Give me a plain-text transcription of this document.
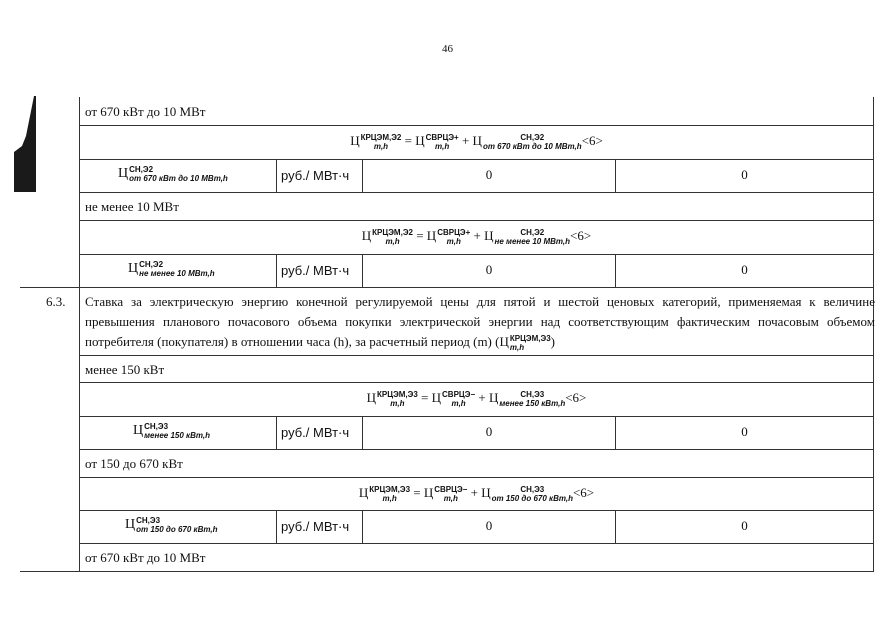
46
от 670 кВт до 10 МВт
Ц КРЦЭМ,Э2
m,h	= Ц СВРЦЭ+
m,h + Ц	СН,Э2
от 670 кВт до 10 МВт,h <6>
Ц СН,Э2
от 670 кВт до 10 МВт,h	руб./ МВт·ч	0	0
не менее 10 МВт
Ц КРЦЭМ,Э2
m,h	= Ц СВРЦЭ+
m,h + Ц	СН,Э2
не менее 10 МВт,h <6>
Ц СН,Э2
не менее 10 МВт,h	руб./ МВт·ч	0	0
6.3. Ставка за электрическую энергию конечной регулируемой цены для пятой и шестой ценовых категорий, применяемая к величине превышения планового почасового объема покупки электрической энергии над соответствующим фактическим почасовым объемом потребителя (покупателя) в отношении часа (h), за расчетный период (m) (Ц КРЦЭМ,Э3
m,h	)
менее 150 кВт
Ц КРЦЭМ,Э3
m,h	= Ц СВРЦЭ−
m,h + Ц	СН,Э3
менее 150 кВт,h <6>
Ц СН,Э3
менее 150 кВт,h	руб./ МВт·ч	0	0
от 150 до 670 кВт
Ц КРЦЭМ,Э3
m,h	= Ц СВРЦЭ−
m,h + Ц	СН,Э3
от 150 до 670 кВт,h <6>
Ц СН,Э3
от 150 до 670 кВт,h	руб./ МВт·ч	0	0
от 670 кВт до 10 МВт
